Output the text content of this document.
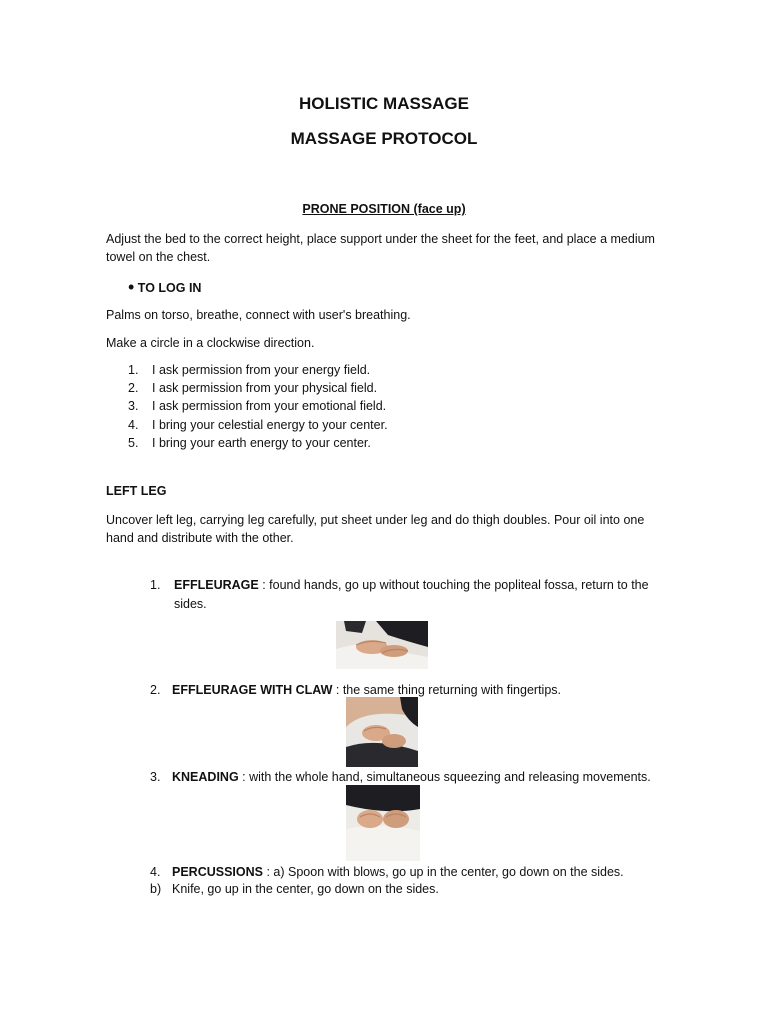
HOLISTIC MASSAGE
MASSAGE PROTOCOL
PRONE POSITION (face up)
Adjust the bed to the correct height, place support under the sheet for the feet, and place a medium towel on the chest.
• TO LOG IN
Palms on torso, breathe, connect with user's breathing.
Make a circle in a clockwise direction.
1. I ask permission from your energy field.
2. I ask permission from your physical field.
3. I ask permission from your emotional field.
4. I bring your celestial energy to your center.
5. I bring your earth energy to your center.
LEFT LEG
Uncover left leg, carrying leg carefully, put sheet under leg and do thigh doubles. Pour oil into one hand and distribute with the other.
1. EFFLEURAGE : found hands, go up without touching the popliteal fossa, return to the sides.
2. EFFLEURAGE WITH CLAW : the same thing returning with fingertips.
3. KNEADING : with the whole hand, simultaneous squeezing and releasing movements.
4. PERCUSSIONS : a) Spoon with blows, go up in the center, go down on the sides.
b) Knife, go up in the center, go down on the sides.
